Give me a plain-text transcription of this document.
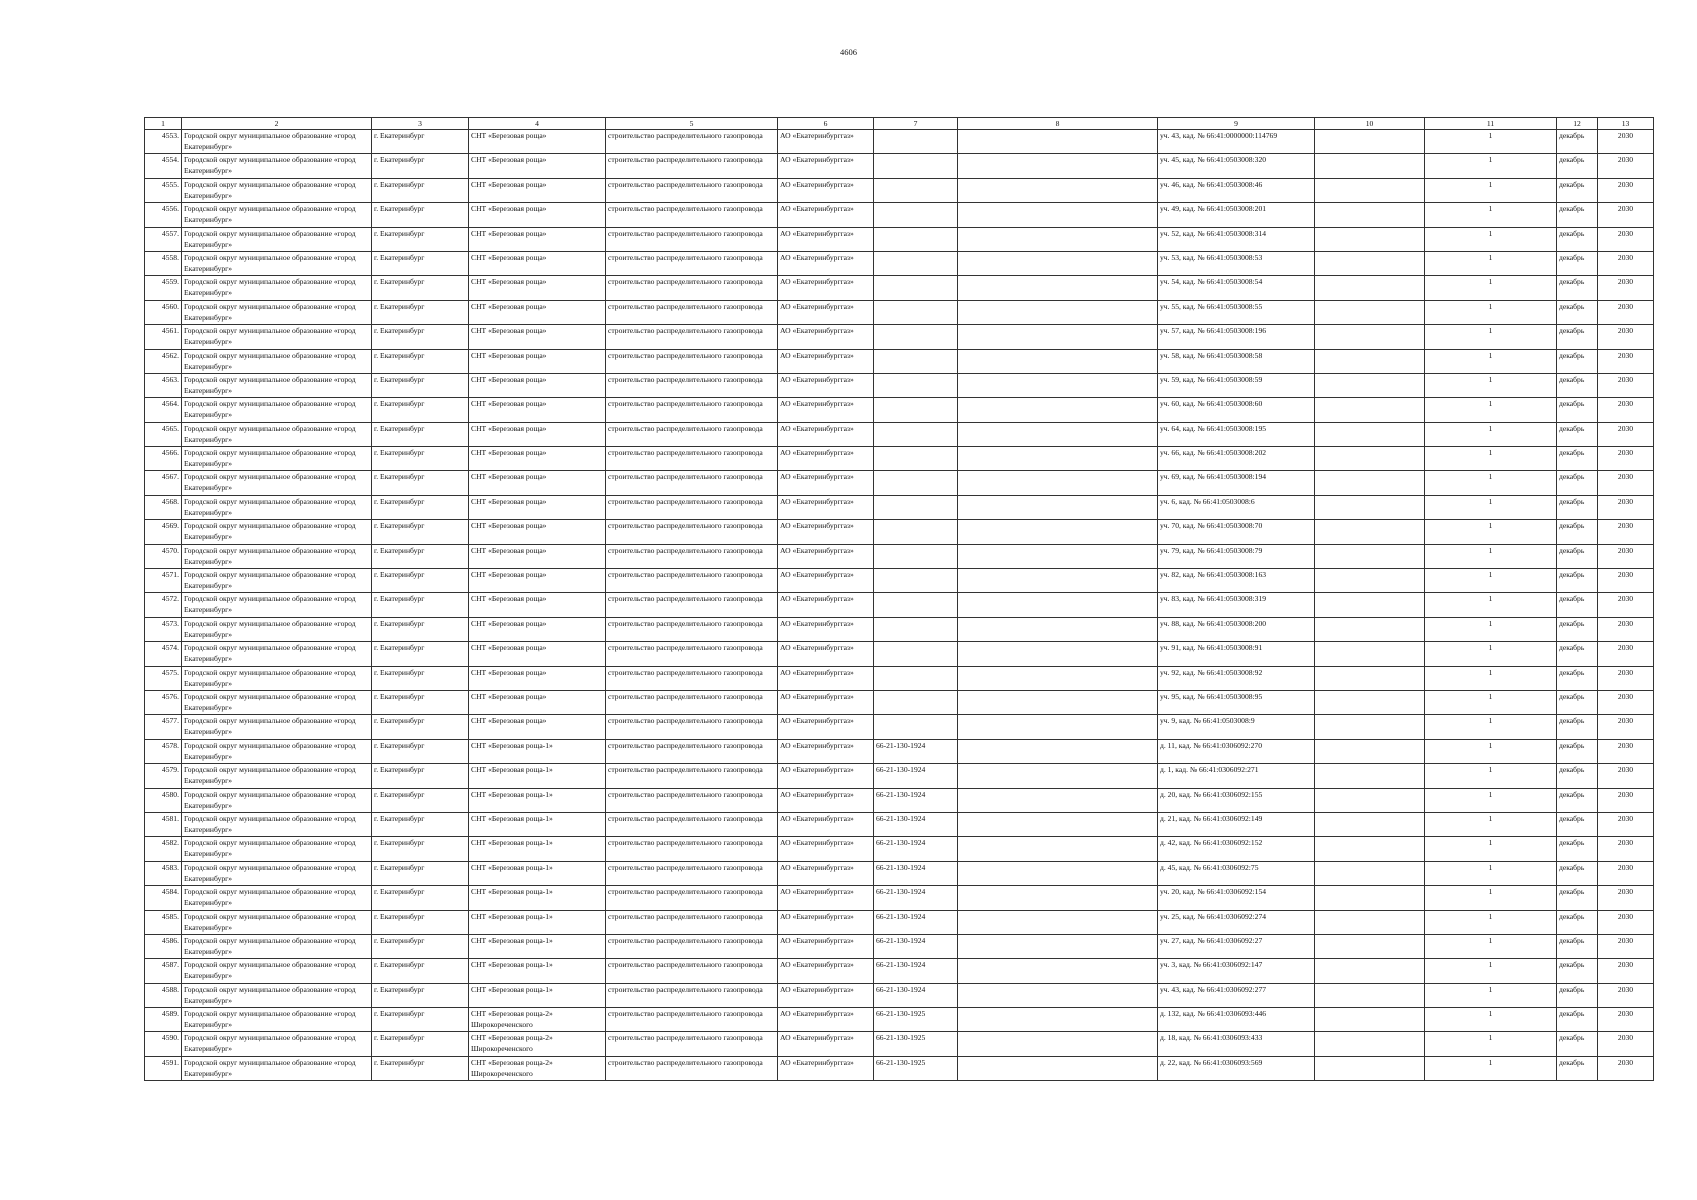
4606
1	2	3	4	5	6	7	8	9	10	11	12	13
4553.	Городской округ муниципальное образование «город Екатеринбург»	г. Екатеринбург	СНТ «Березовая роща»	строительство распределительного газопровода	АО «Екатеринбурггаз»			уч. 43, кад. № 66:41:0000000:114769		1	декабрь	2030
4554.	Городской округ муниципальное образование «город Екатеринбург»	г. Екатеринбург	СНТ «Березовая роща»	строительство распределительного газопровода	АО «Екатеринбурггаз»			уч. 45, кад. № 66:41:0503008:320		1	декабрь	2030
4555.	Городской округ муниципальное образование «город Екатеринбург»	г. Екатеринбург	СНТ «Березовая роща»	строительство распределительного газопровода	АО «Екатеринбурггаз»			уч. 46, кад. № 66:41:0503008:46		1	декабрь	2030
4556.	Городской округ муниципальное образование «город Екатеринбург»	г. Екатеринбург	СНТ «Березовая роща»	строительство распределительного газопровода	АО «Екатеринбурггаз»			уч. 49, кад. № 66:41:0503008:201		1	декабрь	2030
4557.	Городской округ муниципальное образование «город Екатеринбург»	г. Екатеринбург	СНТ «Березовая роща»	строительство распределительного газопровода	АО «Екатеринбурггаз»			уч. 52, кад. № 66:41:0503008:314		1	декабрь	2030
4558.	Городской округ муниципальное образование «город Екатеринбург»	г. Екатеринбург	СНТ «Березовая роща»	строительство распределительного газопровода	АО «Екатеринбурггаз»			уч. 53, кад. № 66:41:0503008:53		1	декабрь	2030
4559.	Городской округ муниципальное образование «город Екатеринбург»	г. Екатеринбург	СНТ «Березовая роща»	строительство распределительного газопровода	АО «Екатеринбурггаз»			уч. 54, кад. № 66:41:0503008:54		1	декабрь	2030
4560.	Городской округ муниципальное образование «город Екатеринбург»	г. Екатеринбург	СНТ «Березовая роща»	строительство распределительного газопровода	АО «Екатеринбурггаз»			уч. 55, кад. № 66:41:0503008:55		1	декабрь	2030
4561.	Городской округ муниципальное образование «город Екатеринбург»	г. Екатеринбург	СНТ «Березовая роща»	строительство распределительного газопровода	АО «Екатеринбурггаз»			уч. 57, кад. № 66:41:0503008:196		1	декабрь	2030
4562.	Городской округ муниципальное образование «город Екатеринбург»	г. Екатеринбург	СНТ «Березовая роща»	строительство распределительного газопровода	АО «Екатеринбурггаз»			уч. 58, кад. № 66:41:0503008:58		1	декабрь	2030
4563.	Городской округ муниципальное образование «город Екатеринбург»	г. Екатеринбург	СНТ «Березовая роща»	строительство распределительного газопровода	АО «Екатеринбурггаз»			уч. 59, кад. № 66:41:0503008:59		1	декабрь	2030
4564.	Городской округ муниципальное образование «город Екатеринбург»	г. Екатеринбург	СНТ «Березовая роща»	строительство распределительного газопровода	АО «Екатеринбурггаз»			уч. 60, кад. № 66:41:0503008:60		1	декабрь	2030
4565.	Городской округ муниципальное образование «город Екатеринбург»	г. Екатеринбург	СНТ «Березовая роща»	строительство распределительного газопровода	АО «Екатеринбурггаз»			уч. 64, кад. № 66:41:0503008:195		1	декабрь	2030
4566.	Городской округ муниципальное образование «город Екатеринбург»	г. Екатеринбург	СНТ «Березовая роща»	строительство распределительного газопровода	АО «Екатеринбурггаз»			уч. 66, кад. № 66:41:0503008:202		1	декабрь	2030
4567.	Городской округ муниципальное образование «город Екатеринбург»	г. Екатеринбург	СНТ «Березовая роща»	строительство распределительного газопровода	АО «Екатеринбурггаз»			уч. 69, кад. № 66:41:0503008:194		1	декабрь	2030
4568.	Городской округ муниципальное образование «город Екатеринбург»	г. Екатеринбург	СНТ «Березовая роща»	строительство распределительного газопровода	АО «Екатеринбурггаз»			уч. 6, кад. № 66:41:0503008:6		1	декабрь	2030
4569.	Городской округ муниципальное образование «город Екатеринбург»	г. Екатеринбург	СНТ «Березовая роща»	строительство распределительного газопровода	АО «Екатеринбурггаз»			уч. 70, кад. № 66:41:0503008:70		1	декабрь	2030
4570.	Городской округ муниципальное образование «город Екатеринбург»	г. Екатеринбург	СНТ «Березовая роща»	строительство распределительного газопровода	АО «Екатеринбурггаз»			уч. 79, кад. № 66:41:0503008:79		1	декабрь	2030
4571.	Городской округ муниципальное образование «город Екатеринбург»	г. Екатеринбург	СНТ «Березовая роща»	строительство распределительного газопровода	АО «Екатеринбурггаз»			уч. 82, кад. № 66:41:0503008:163		1	декабрь	2030
4572.	Городской округ муниципальное образование «город Екатеринбург»	г. Екатеринбург	СНТ «Березовая роща»	строительство распределительного газопровода	АО «Екатеринбурггаз»			уч. 83, кад. № 66:41:0503008:319		1	декабрь	2030
4573.	Городской округ муниципальное образование «город Екатеринбург»	г. Екатеринбург	СНТ «Березовая роща»	строительство распределительного газопровода	АО «Екатеринбурггаз»			уч. 88, кад. № 66:41:0503008:200		1	декабрь	2030
4574.	Городской округ муниципальное образование «город Екатеринбург»	г. Екатеринбург	СНТ «Березовая роща»	строительство распределительного газопровода	АО «Екатеринбурггаз»			уч. 91, кад. № 66:41:0503008:91		1	декабрь	2030
4575.	Городской округ муниципальное образование «город Екатеринбург»	г. Екатеринбург	СНТ «Березовая роща»	строительство распределительного газопровода	АО «Екатеринбурггаз»			уч. 92, кад. № 66:41:0503008:92		1	декабрь	2030
4576.	Городской округ муниципальное образование «город Екатеринбург»	г. Екатеринбург	СНТ «Березовая роща»	строительство распределительного газопровода	АО «Екатеринбурггаз»			уч. 95, кад. № 66:41:0503008:95		1	декабрь	2030
4577.	Городской округ муниципальное образование «город Екатеринбург»	г. Екатеринбург	СНТ «Березовая роща»	строительство распределительного газопровода	АО «Екатеринбурггаз»			уч. 9, кад. № 66:41:0503008:9		1	декабрь	2030
4578.	Городской округ муниципальное образование «город Екатеринбург»	г. Екатеринбург	СНТ «Березовая роща-1»	строительство распределительного газопровода	АО «Екатеринбурггаз»	66-21-130-1924		д. 11, кад. № 66:41:0306092:270		1	декабрь	2030
4579.	Городской округ муниципальное образование «город Екатеринбург»	г. Екатеринбург	СНТ «Березовая роща-1»	строительство распределительного газопровода	АО «Екатеринбурггаз»	66-21-130-1924		д. 1, кад. № 66:41:0306092:271		1	декабрь	2030
4580.	Городской округ муниципальное образование «город Екатеринбург»	г. Екатеринбург	СНТ «Березовая роща-1»	строительство распределительного газопровода	АО «Екатеринбурггаз»	66-21-130-1924		д. 20, кад. № 66:41:0306092:155		1	декабрь	2030
4581.	Городской округ муниципальное образование «город Екатеринбург»	г. Екатеринбург	СНТ «Березовая роща-1»	строительство распределительного газопровода	АО «Екатеринбурггаз»	66-21-130-1924		д. 21, кад. № 66:41:0306092:149		1	декабрь	2030
4582.	Городской округ муниципальное образование «город Екатеринбург»	г. Екатеринбург	СНТ «Березовая роща-1»	строительство распределительного газопровода	АО «Екатеринбурггаз»	66-21-130-1924		д. 42, кад. № 66:41:0306092:152		1	декабрь	2030
4583.	Городской округ муниципальное образование «город Екатеринбург»	г. Екатеринбург	СНТ «Березовая роща-1»	строительство распределительного газопровода	АО «Екатеринбурггаз»	66-21-130-1924		д. 45, кад. № 66:41:0306092:75		1	декабрь	2030
4584.	Городской округ муниципальное образование «город Екатеринбург»	г. Екатеринбург	СНТ «Березовая роща-1»	строительство распределительного газопровода	АО «Екатеринбурггаз»	66-21-130-1924		уч. 20, кад. № 66:41:0306092:154		1	декабрь	2030
4585.	Городской округ муниципальное образование «город Екатеринбург»	г. Екатеринбург	СНТ «Березовая роща-1»	строительство распределительного газопровода	АО «Екатеринбурггаз»	66-21-130-1924		уч. 25, кад. № 66:41:0306092:274		1	декабрь	2030
4586.	Городской округ муниципальное образование «город Екатеринбург»	г. Екатеринбург	СНТ «Березовая роща-1»	строительство распределительного газопровода	АО «Екатеринбурггаз»	66-21-130-1924		уч. 27, кад. № 66:41:0306092:27		1	декабрь	2030
4587.	Городской округ муниципальное образование «город Екатеринбург»	г. Екатеринбург	СНТ «Березовая роща-1»	строительство распределительного газопровода	АО «Екатеринбурггаз»	66-21-130-1924		уч. 3, кад. № 66:41:0306092:147		1	декабрь	2030
4588.	Городской округ муниципальное образование «город Екатеринбург»	г. Екатеринбург	СНТ «Березовая роща-1»	строительство распределительного газопровода	АО «Екатеринбурггаз»	66-21-130-1924		уч. 43, кад. № 66:41:0306092:277		1	декабрь	2030
4589.	Городской округ муниципальное образование «город Екатеринбург»	г. Екатеринбург	СНТ «Березовая роща-2» Широкореченского	строительство распределительного газопровода	АО «Екатеринбурггаз»	66-21-130-1925		д. 132, кад. № 66:41:0306093:446		1	декабрь	2030
4590.	Городской округ муниципальное образование «город Екатеринбург»	г. Екатеринбург	СНТ «Березовая роща-2» Широкореченского	строительство распределительного газопровода	АО «Екатеринбурггаз»	66-21-130-1925		д. 18, кад. № 66:41:0306093:433		1	декабрь	2030
4591.	Городской округ муниципальное образование «город Екатеринбург»	г. Екатеринбург	СНТ «Березовая роща-2» Широкореченского	строительство распределительного газопровода	АО «Екатеринбурггаз»	66-21-130-1925		д. 22, кад. № 66:41:0306093:569		1	декабрь	2030
